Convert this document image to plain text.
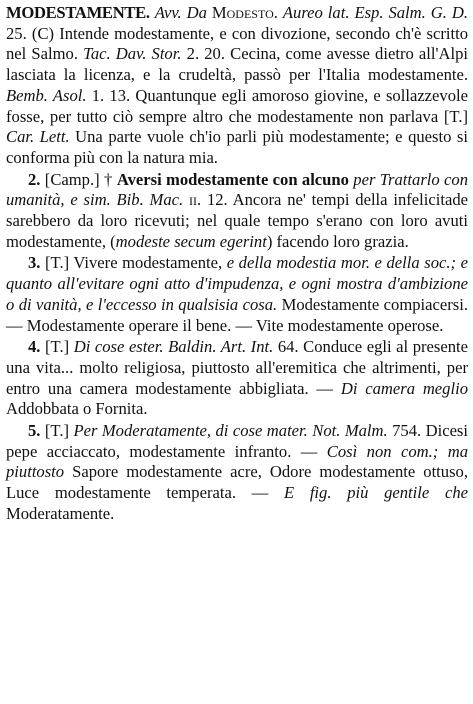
MODESTAMENTE. Avv. Da Modesto. Aureo lat. Esp. Salm. G. D. 25. (C) Intende modestamente, e con divozione, secondo ch'è scritto nel Salmo. Tac. Dav. Stor. 2. 20. Cecina, come avesse dietro all'Alpi lasciata la licenza, e la crudeltà, passò per l'Italia modestamente. Bemb. Asol. 1. 13. Quantunque egli amoroso giovine, e sollazzevole fosse, per tutto ciò sempre altro che modestamente non parlava [T.] Car. Lett. Una parte vuole ch'io parli più modestamente; e questo si conforma più con la natura mia.

2. [Camp.] † Aversi modestamente con alcuno per Trattarlo con umanità, e sim. Bib. Mac. ii. 12. Ancora ne' tempi della infelicitade sarebbero da loro ricevuti; nel quale tempo s'erano con loro avuti modestamente, (modeste secum egerint) facendo loro grazia.

3. [T.] Vivere modestamente, e della modestia mor. e della soc.; e quanto all'evitare ogni atto d'impudenza, e ogni mostra d'ambizione o di vanità, e l'eccesso in qualsisia cosa. Modestamente compiacersi. — Modestamente operare il bene. — Vite modestamente operose.

4. [T.] Di cose ester. Baldin. Art. Int. 64. Conduce egli al presente una vita... molto religiosa, piuttosto all'eremitica che altrimenti, per entro una camera modestamente abbigliata. — Di camera meglio Addobbata o Fornita.

5. [T.] Per Moderatamente, di cose mater. Not. Malm. 754. Dicesi pepe acciaccato, modestamente infranto. — Così non com.; ma piuttosto Sapore modestamente acre, Odore modestamente ottuso, Luce modestamente temperata. — E fig. più gentile che Moderatamente.
